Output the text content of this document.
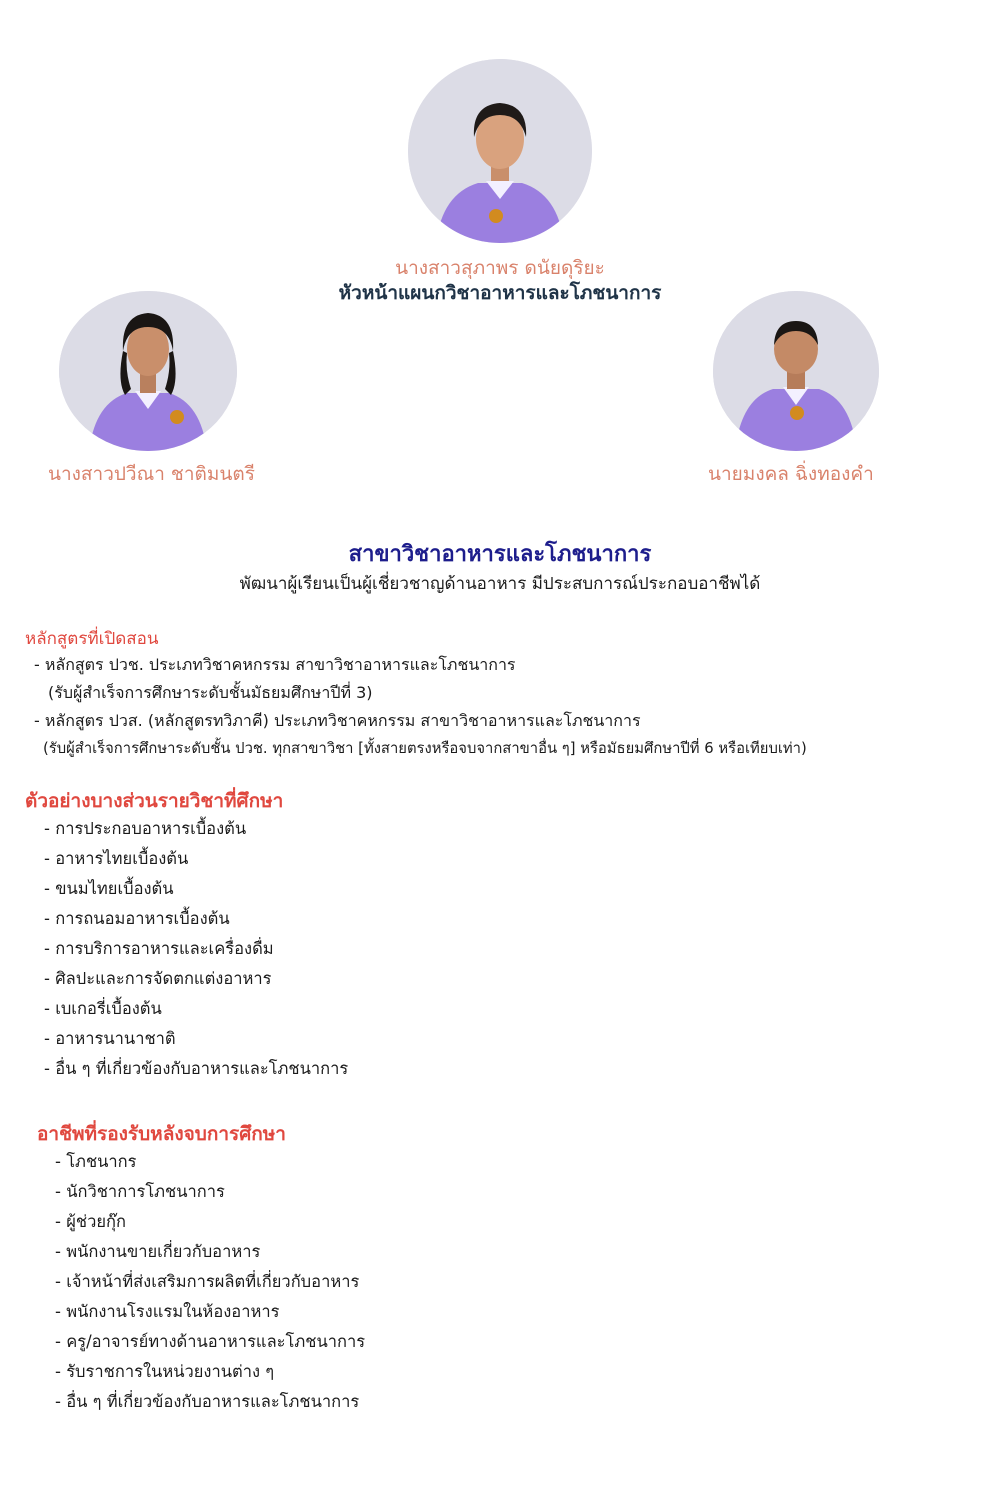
นางสาวสุภาพร ดนัยดุริยะ
หัวหน้าแผนกวิชาอาหารและโภชนาการ
นางสาวปวีณา ชาติมนตรี	นายมงคล ฉิ่งทองคำ
สาขาวิชาอาหารและโภชนาการ
พัฒนาผู้เรียนเป็นผู้เชี่ยวชาญด้านอาหาร มีประสบการณ์ประกอบอาชีพได้
หลักสูตรที่เปิดสอน
- หลักสูตร ปวช. ประเภทวิชาคหกรรม สาขาวิชาอาหารและโภชนาการ
(รับผู้สำเร็จการศึกษาระดับชั้นมัธยมศึกษาปีที่ 3)
- หลักสูตร ปวส. (หลักสูตรทวิภาคี) ประเภทวิชาคหกรรม สาขาวิชาอาหารและโภชนาการ
(รับผู้สำเร็จการศึกษาระดับชั้น ปวช. ทุกสาขาวิชา [ทั้งสายตรงหรือจบจากสาขาอื่น ๆ] หรือมัธยมศึกษาปีที่ 6 หรือเทียบเท่า)
ตัวอย่างบางส่วนรายวิชาที่ศึกษา
- การประกอบอาหารเบื้องต้น
- อาหารไทยเบื้องต้น
- ขนมไทยเบื้องต้น
- การถนอมอาหารเบื้องต้น
- การบริการอาหารและเครื่องดื่ม
- ศิลปะและการจัดตกแต่งอาหาร
- เบเกอรี่เบื้องต้น
- อาหารนานาชาติ
- อื่น ๆ ที่เกี่ยวข้องกับอาหารและโภชนาการ
อาชีพที่รองรับหลังจบการศึกษา
- โภชนากร
- นักวิชาการโภชนาการ
- ผู้ช่วยกุ๊ก
- พนักงานขายเกี่ยวกับอาหาร
- เจ้าหน้าที่ส่งเสริมการผลิตที่เกี่ยวกับอาหาร
- พนักงานโรงแรมในห้องอาหาร
- ครู/อาจารย์ทางด้านอาหารและโภชนาการ
- รับราชการในหน่วยงานต่าง ๆ
- อื่น ๆ ที่เกี่ยวข้องกับอาหารและโภชนาการ
